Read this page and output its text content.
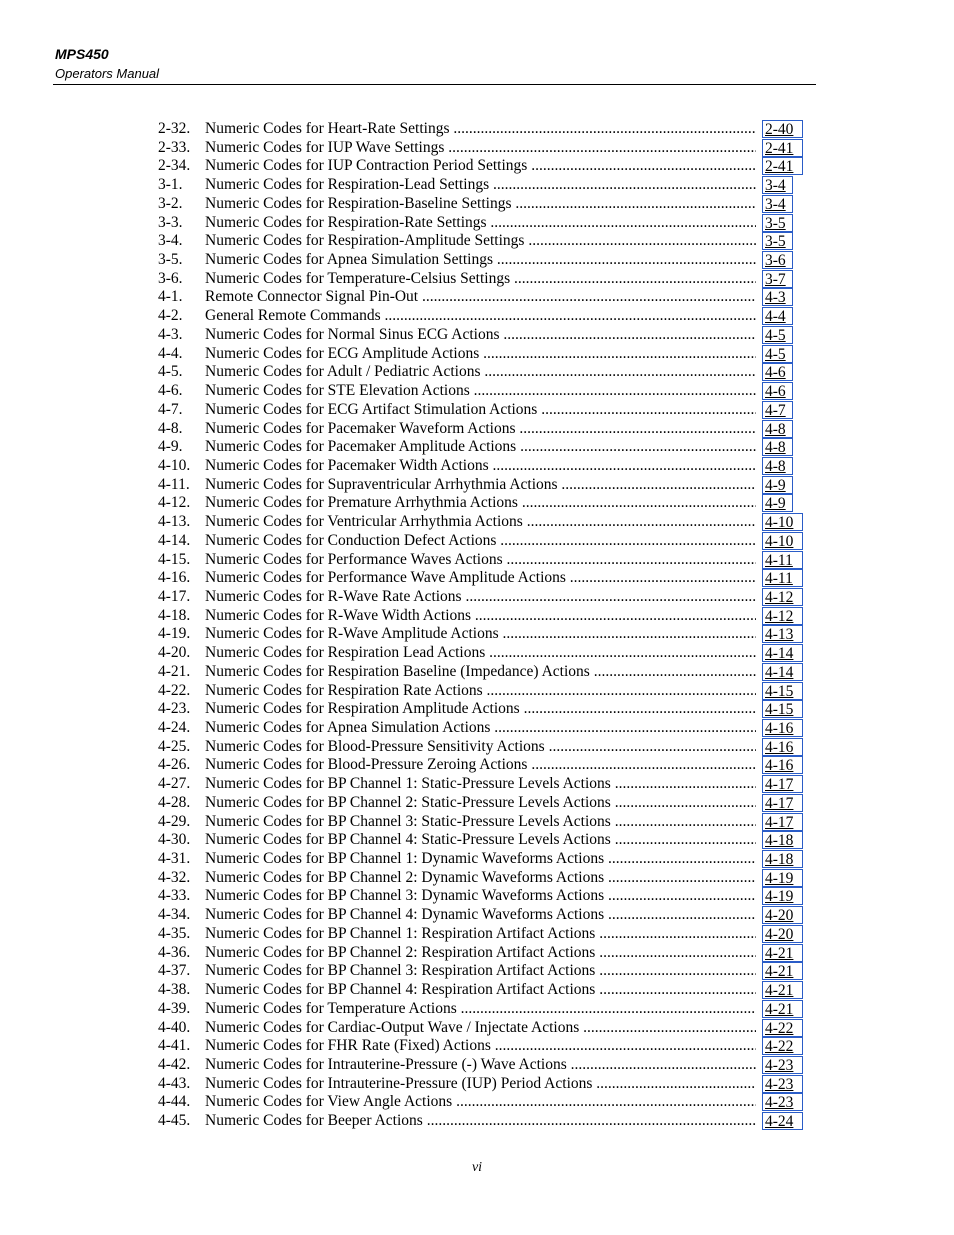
MPS450
Operators Manual
2-32. Numeric Codes for Heart-Rate Settings .....	2-40
2-33. Numeric Codes for IUP Wave Settings .....	2-41
2-34. Numeric Codes for IUP Contraction Period Settings .....	2-41
3-1.	Numeric Codes for Respiration-Lead Settings .....	3-4
3-2.	Numeric Codes for Respiration-Baseline Settings .....	3-4
3-3.	Numeric Codes for Respiration-Rate Settings .....	3-5
3-4.	Numeric Codes for Respiration-Amplitude Settings .....	3-5
3-5.	Numeric Codes for Apnea Simulation Settings .....	3-6
3-6.	Numeric Codes for Temperature-Celsius Settings .....	3-7
4-1.	Remote Connector Signal Pin-Out .....	4-3
4-2.	General Remote Commands .....	4-4
4-3.	Numeric Codes for Normal Sinus ECG Actions .....	4-5
4-4.	Numeric Codes for ECG Amplitude Actions .....	4-5
4-5.	Numeric Codes for Adult / Pediatric Actions .....	4-6
4-6.	Numeric Codes for STE Elevation Actions .....	4-6
4-7.	Numeric Codes for ECG Artifact Stimulation Actions .....	4-7
4-8.	Numeric Codes for Pacemaker Waveform Actions .....	4-8
4-9.	Numeric Codes for Pacemaker Amplitude Actions .....	4-8
4-10. Numeric Codes for Pacemaker Width Actions .....	4-8
4-11. Numeric Codes for Supraventricular Arrhythmia Actions .....	4-9
4-12. Numeric Codes for Premature Arrhythmia Actions .....	4-9
4-13. Numeric Codes for Ventricular Arrhythmia Actions .....	4-10
4-14. Numeric Codes for Conduction Defect Actions .....	4-10
4-15. Numeric Codes for Performance Waves Actions .....	4-11
4-16. Numeric Codes for Performance Wave Amplitude Actions .....	4-11
4-17. Numeric Codes for R-Wave Rate Actions .....	4-12
4-18. Numeric Codes for R-Wave Width Actions .....	4-12
4-19. Numeric Codes for R-Wave Amplitude Actions .....	4-13
4-20. Numeric Codes for Respiration Lead Actions .....	4-14
4-21. Numeric Codes for Respiration Baseline (Impedance) Actions .....	4-14
4-22. Numeric Codes for Respiration Rate Actions .....	4-15
4-23. Numeric Codes for Respiration Amplitude Actions .....	4-15
4-24. Numeric Codes for Apnea Simulation Actions .....	4-16
4-25. Numeric Codes for Blood-Pressure Sensitivity Actions .....	4-16
4-26. Numeric Codes for Blood-Pressure Zeroing Actions .....	4-16
4-27. Numeric Codes for BP Channel 1: Static-Pressure Levels Actions .....	4-17
4-28. Numeric Codes for BP Channel 2: Static-Pressure Levels Actions .....	4-17
4-29. Numeric Codes for BP Channel 3: Static-Pressure Levels Actions .....	4-17
4-30. Numeric Codes for BP Channel 4: Static-Pressure Levels Actions .....	4-18
4-31. Numeric Codes for BP Channel 1: Dynamic Waveforms Actions .....	4-18
4-32. Numeric Codes for BP Channel 2: Dynamic Waveforms Actions .....	4-19
4-33. Numeric Codes for BP Channel 3: Dynamic Waveforms Actions .....	4-19
4-34. Numeric Codes for BP Channel 4: Dynamic Waveforms Actions .....	4-20
4-35. Numeric Codes for BP Channel 1: Respiration Artifact Actions .....	4-20
4-36. Numeric Codes for BP Channel 2: Respiration Artifact Actions .....	4-21
4-37. Numeric Codes for BP Channel 3: Respiration Artifact Actions .....	4-21
4-38. Numeric Codes for BP Channel 4: Respiration Artifact Actions .....	4-21
4-39. Numeric Codes for Temperature Actions .....	4-21
4-40. Numeric Codes for Cardiac-Output Wave / Injectate Actions .....	4-22
4-41. Numeric Codes for FHR Rate (Fixed) Actions .....	4-22
4-42. Numeric Codes for Intrauterine-Pressure (-) Wave Actions .....	4-23
4-43. Numeric Codes for Intrauterine-Pressure (IUP) Period Actions .....	4-23
4-44. Numeric Codes for View Angle Actions .....	4-23
4-45. Numeric Codes for Beeper Actions .....	4-24
vi
